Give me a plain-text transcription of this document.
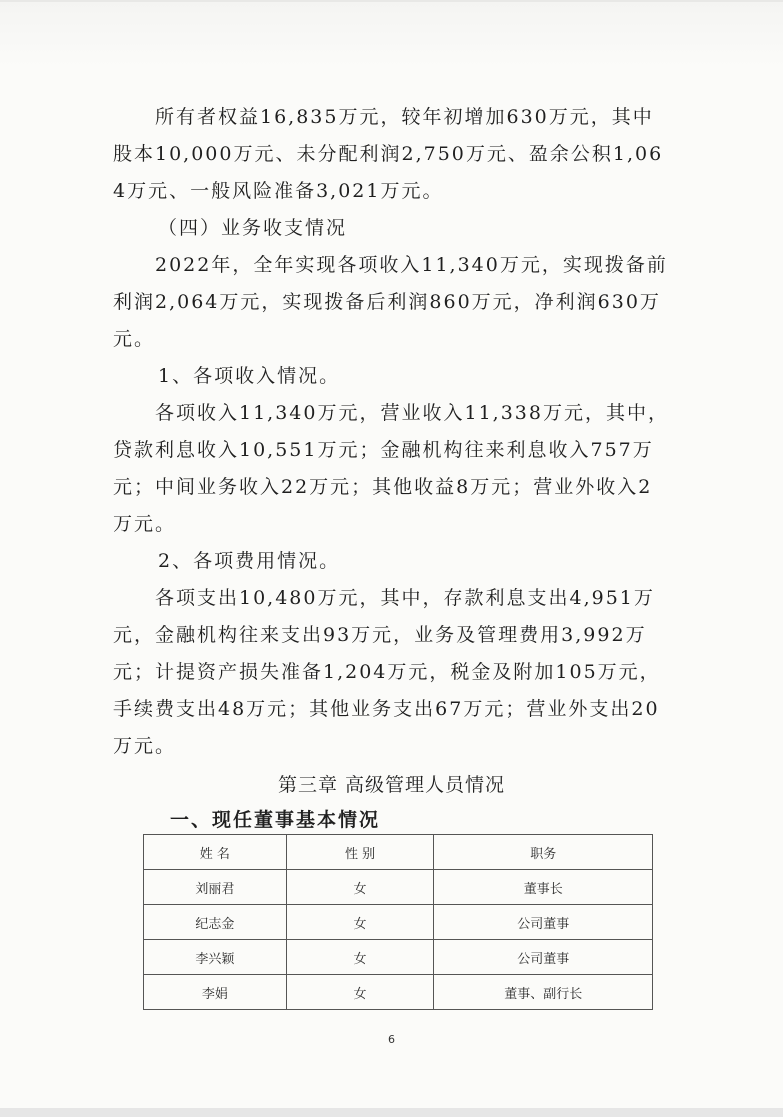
所有者权益16,835万元，较年初增加630万元，其中股本10,000万元、未分配利润2,750万元、盈余公积1,064万元、一般风险准备3,021万元。

（四）业务收支情况

2022年，全年实现各项收入11,340万元，实现拨备前利润2,064万元，实现拨备后利润860万元，净利润630万元。

1、各项收入情况。

各项收入11,340万元，营业收入11,338万元，其中，贷款利息收入10,551万元；金融机构往来利息收入757万元；中间业务收入22万元；其他收益8万元；营业外收入2万元。

2、各项费用情况。

各项支出10,480万元，其中，存款利息支出4,951万元，金融机构往来支出93万元，业务及管理费用3,992万元；计提资产损失准备1,204万元，税金及附加105万元，手续费支出48万元；其他业务支出67万元；营业外支出20万元。

第三章 高级管理人员情况

一、现任董事基本情况

姓 名	性 别	职务
刘丽君	女	董事长
纪志金	女	公司董事
李兴颖	女	公司董事
李娟	女	董事、副行长
6
